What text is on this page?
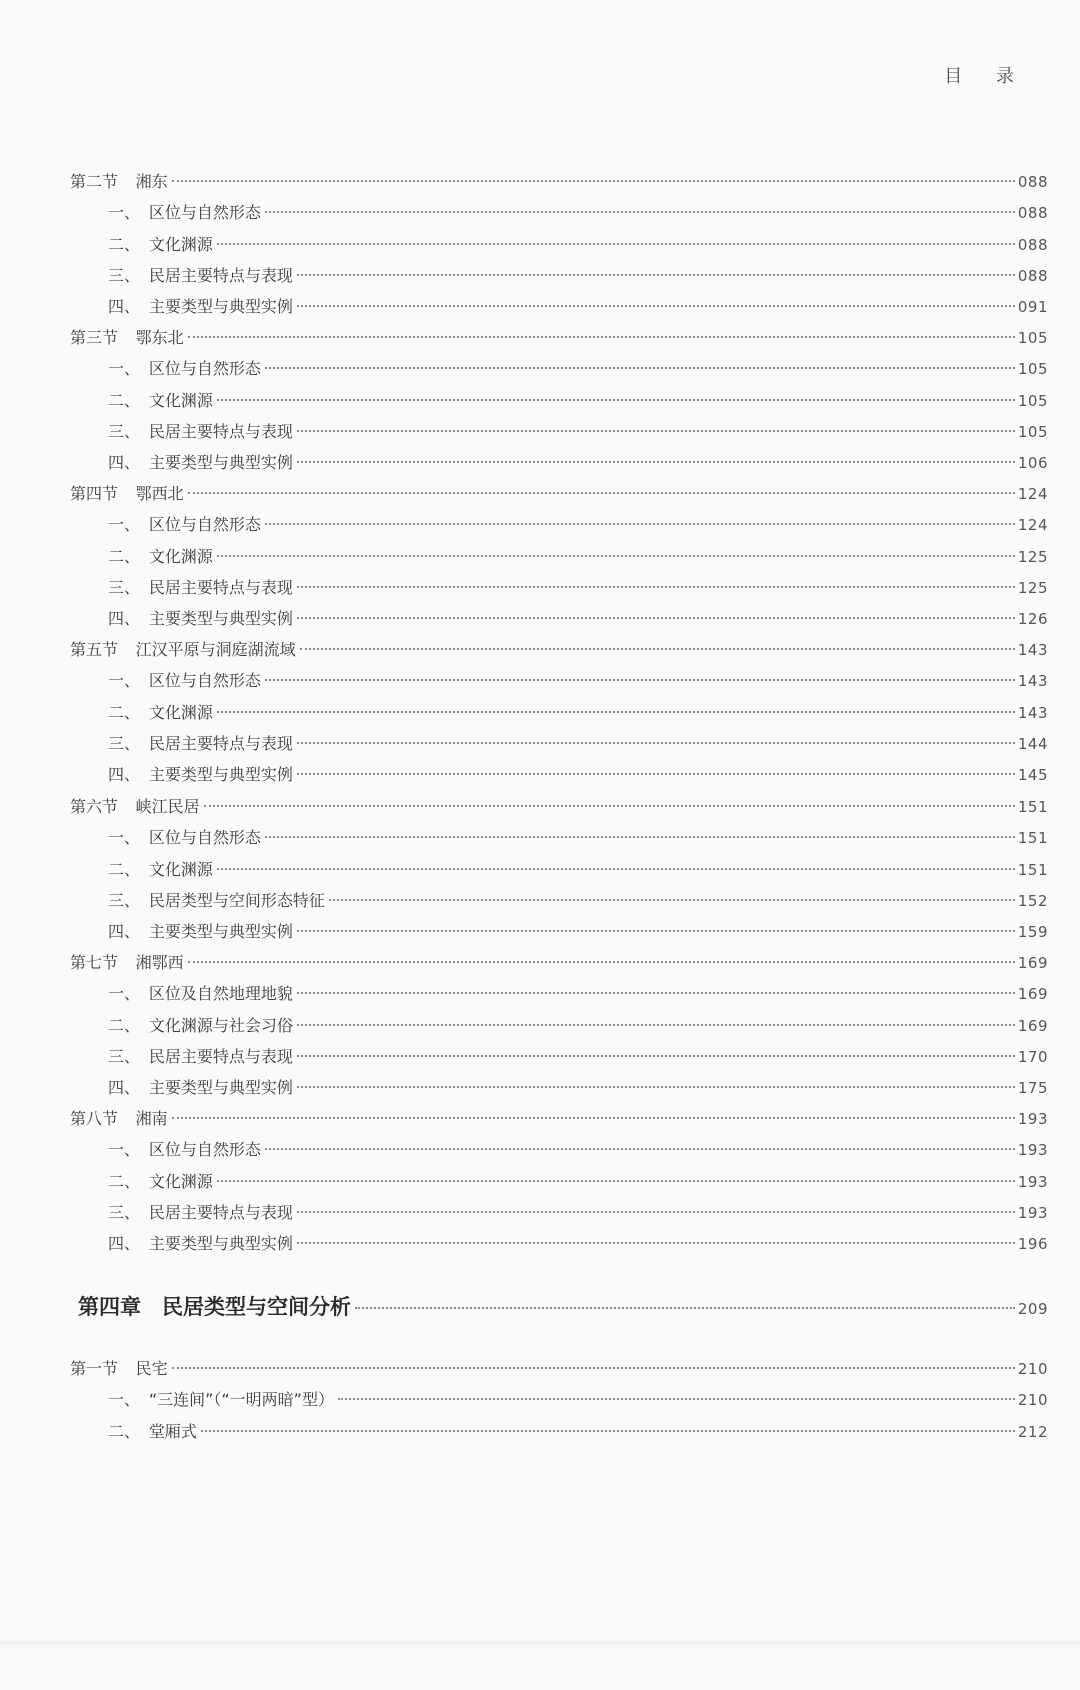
目 录
第二节 湘东	088
一、 区位与自然形态	088
二、 文化渊源	088
三、 民居主要特点与表现	088
四、 主要类型与典型实例	091
第三节 鄂东北	105
一、 区位与自然形态	105
二、 文化渊源	105
三、 民居主要特点与表现	105
四、 主要类型与典型实例	106
第四节 鄂西北	124
一、 区位与自然形态	124
二、 文化渊源	125
三、 民居主要特点与表现	125
四、 主要类型与典型实例	126
第五节 江汉平原与洞庭湖流域	143
一、 区位与自然形态	143
二、 文化渊源	143
三、 民居主要特点与表现	144
四、 主要类型与典型实例	145
第六节 峡江民居	151
一、 区位与自然形态	151
二、 文化渊源	151
三、 民居类型与空间形态特征	152
四、 主要类型与典型实例	159
第七节 湘鄂西	169
一、 区位及自然地理地貌	169
二、 文化渊源与社会习俗	169
三、 民居主要特点与表现	170
四、 主要类型与典型实例	175
第八节 湘南	193
一、 区位与自然形态	193
二、 文化渊源	193
三、 民居主要特点与表现	193
四、 主要类型与典型实例	196
第四章 民居类型与空间分析	209
第一节 民宅	210
一、 “三连间”（“一明两暗”型）	210
二、 堂厢式	212
